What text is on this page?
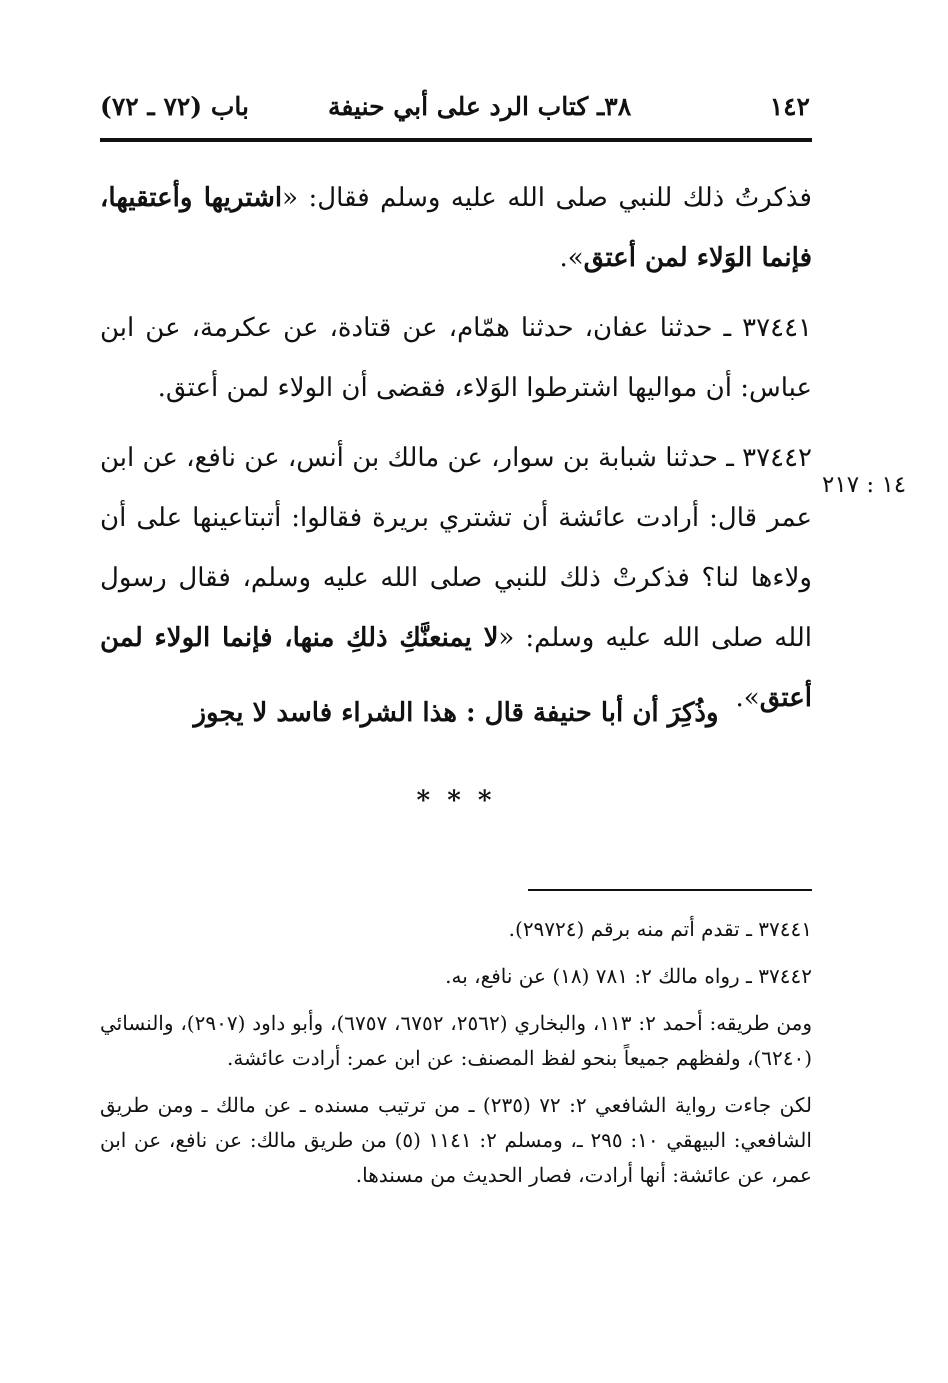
١٤٢
٣٨ـ كتاب الرد على أبي حنيفة
باب (٧٢ ـ ٧٢)

فذكرتُ ذلك للنبي صلى الله عليه وسلم فقال: «اشتريها وأعتقيها، فإنما الوَلاء لمن أعتق».

٣٧٤٤١ ـ حدثنا عفان، حدثنا همّام، عن قتادة، عن عكرمة، عن ابن عباس: أن مواليها اشترطوا الوَلاء، فقضى أن الولاء لمن أعتق.

٣٧٤٤٢ ـ حدثنا شبابة بن سوار، عن مالك بن أنس، عن نافع، عن ابن عمر قال: أرادت عائشة أن تشتري بريرة فقالوا: أتبتاعينها على أن ولاءها لنا؟ فذكرتْ ذلك للنبي صلى الله عليه وسلم، فقال رسول الله صلى الله عليه وسلم: «لا يمنعنَّكِ ذلكِ منها، فإنما الولاء لمن أعتق».

١٤ : ٢١٧
وذُكِرَ أن أبا حنيفة قال : هذا الشراء فاسد لا يجوز
* * *

٣٧٤٤١ ـ تقدم أتم منه برقم (٢٩٧٢٤).

٣٧٤٤٢ ـ رواه مالك ٢: ٧٨١ (١٨) عن نافع، به.

ومن طريقه: أحمد ٢: ١١٣، والبخاري (٢٥٦٢، ٦٧٥٢، ٦٧٥٧)، وأبو داود (٢٩٠٧)، والنسائي (٦٢٤٠)، ولفظهم جميعاً بنحو لفظ المصنف: عن ابن عمر: أرادت عائشة.

لكن جاءت رواية الشافعي ٢: ٧٢ (٢٣٥) ـ من ترتيب مسنده ـ عن مالك ـ ومن طريق الشافعي: البيهقي ١٠: ٢٩٥ ـ، ومسلم ٢: ١١٤١ (٥) من طريق مالك: عن نافع، عن ابن عمر، عن عائشة: أنها أرادت، فصار الحديث من مسندها.
